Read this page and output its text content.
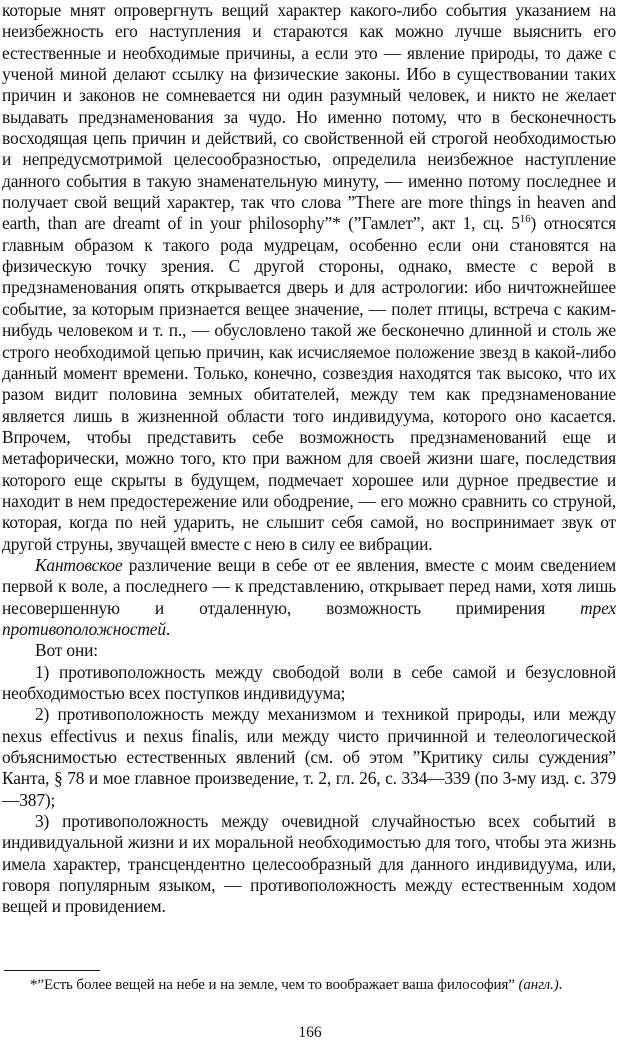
которые мнят опровергнуть вещий характер какого-либо события указанием на неизбежность его наступления и стараются как можно лучше выяснить его естественные и необходимые причины, а если это — явление природы, то даже с ученой миной делают ссылку на физические законы. Ибо в существовании таких причин и законов не сомневается ни один разумный человек, и никто не желает выдавать предзнаменования за чудо. Но именно потому, что в бесконечность восходящая цепь причин и действий, со свойственной ей строгой необходимостью и непредусмотримой целесообразностью, определила неизбежное наступление данного события в такую знаменательную минуту, — именно потому последнее и получает свой вещий характер, так что слова ”There are more things in heaven and earth, than are dreamt of in your philosophy”* (”Гамлет”, акт 1, сц. $5^{16}$) относятся главным образом к такого рода мудрецам, особенно если они становятся на физическую точку зрения. С другой стороны, однако, вместе с верой в предзнаменования опять открывается дверь и для астрологии: ибо ничтожнейшее событие, за которым признается вещее значение, — полет птицы, встреча с каким-нибудь человеком и т. п., — обусловлено такой же бесконечно длинной и столь же строго необходимой цепью причин, как исчисляемое положение звезд в какой-либо данный момент времени. Только, конечно, созвездия находятся так высоко, что их разом видит половина земных обитателей, между тем как предзнаменование является лишь в жизненной области того индивидуума, которого оно касается. Впрочем, чтобы представить себе возможность предзнаменований еще и метафорически, можно того, кто при важном для своей жизни шаге, последствия которого еще скрыты в будущем, подмечает хорошее или дурное предвестие и находит в нем предостережение или ободрение, — его можно сравнить со струной, которая, когда по ней ударить, не слышит себя самой, но воспринимает звук от другой струны, звучащей вместе с нею в силу ее вибрации.

Кантовское различение вещи в себе от ее явления, вместе с моим сведением первой к воле, а последнего — к представлению, открывает перед нами, хотя лишь несовершенную и отдаленную, возможность примирения трех противоположностей.

Вот они:

1) противоположность между свободой воли в себе самой и безусловной необходимостью всех поступков индивидуума;

2) противоположность между механизмом и техникой природы, или между nexus effectivus и nexus finalis, или между чисто причинной и телеологической объяснимостью естественных явлений (см. об этом ”Критику силы суждения” Канта, § 78 и мое главное произведение, т. 2, гл. 26, с. 334—339 (по 3-му изд. с. 379—387);

3) противоположность между очевидной случайностью всех событий в индивидуальной жизни и их моральной необходимостью для того, чтобы эта жизнь имела характер, трансцендентно целесообразный для данного индивидуума, или, говоря популярным языком, — противоположность между естественным ходом вещей и провидением.

*”Есть более вещей на небе и на земле, чем то воображает ваша философия” (англ.).

166
